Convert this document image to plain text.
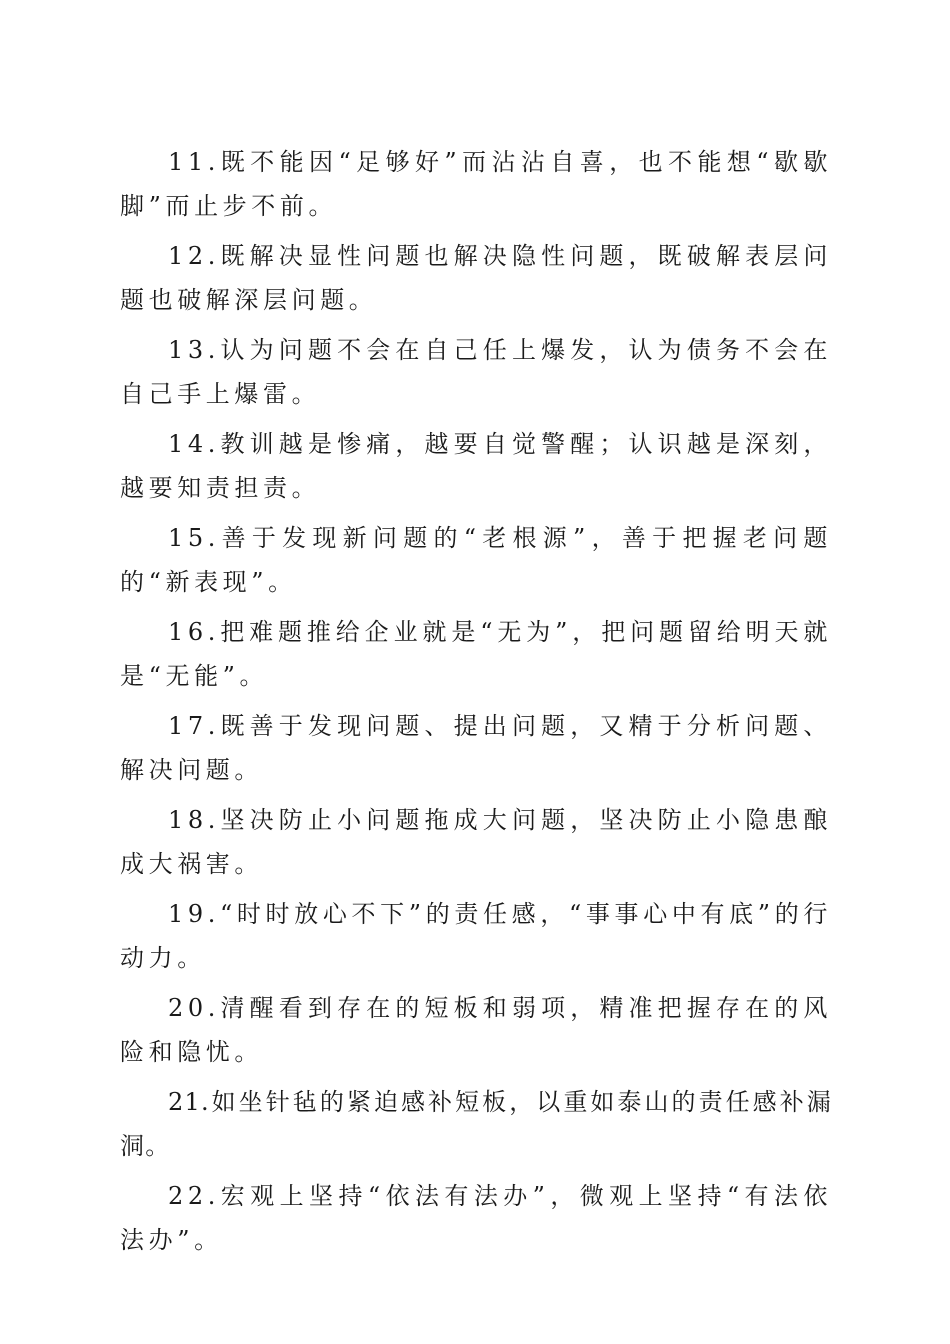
11.既不能因“足够好”而沾沾自喜，也不能想“歇歇脚”而止步不前。

12.既解决显性问题也解决隐性问题，既破解表层问题也破解深层问题。

13.认为问题不会在自己任上爆发，认为债务不会在自己手上爆雷。

14.教训越是惨痛，越要自觉警醒；认识越是深刻，越要知责担责。

15.善于发现新问题的“老根源”，善于把握老问题的“新表现”。

16.把难题推给企业就是“无为”，把问题留给明天就是“无能”。

17.既善于发现问题、提出问题，又精于分析问题、解决问题。

18.坚决防止小问题拖成大问题，坚决防止小隐患酿成大祸害。

19.“时时放心不下”的责任感，“事事心中有底”的行动力。

20.清醒看到存在的短板和弱项，精准把握存在的风险和隐忧。

21.如坐针毡的紧迫感补短板，以重如泰山的责任感补漏洞。

22.宏观上坚持“依法有法办”，微观上坚持“有法依法办”。
